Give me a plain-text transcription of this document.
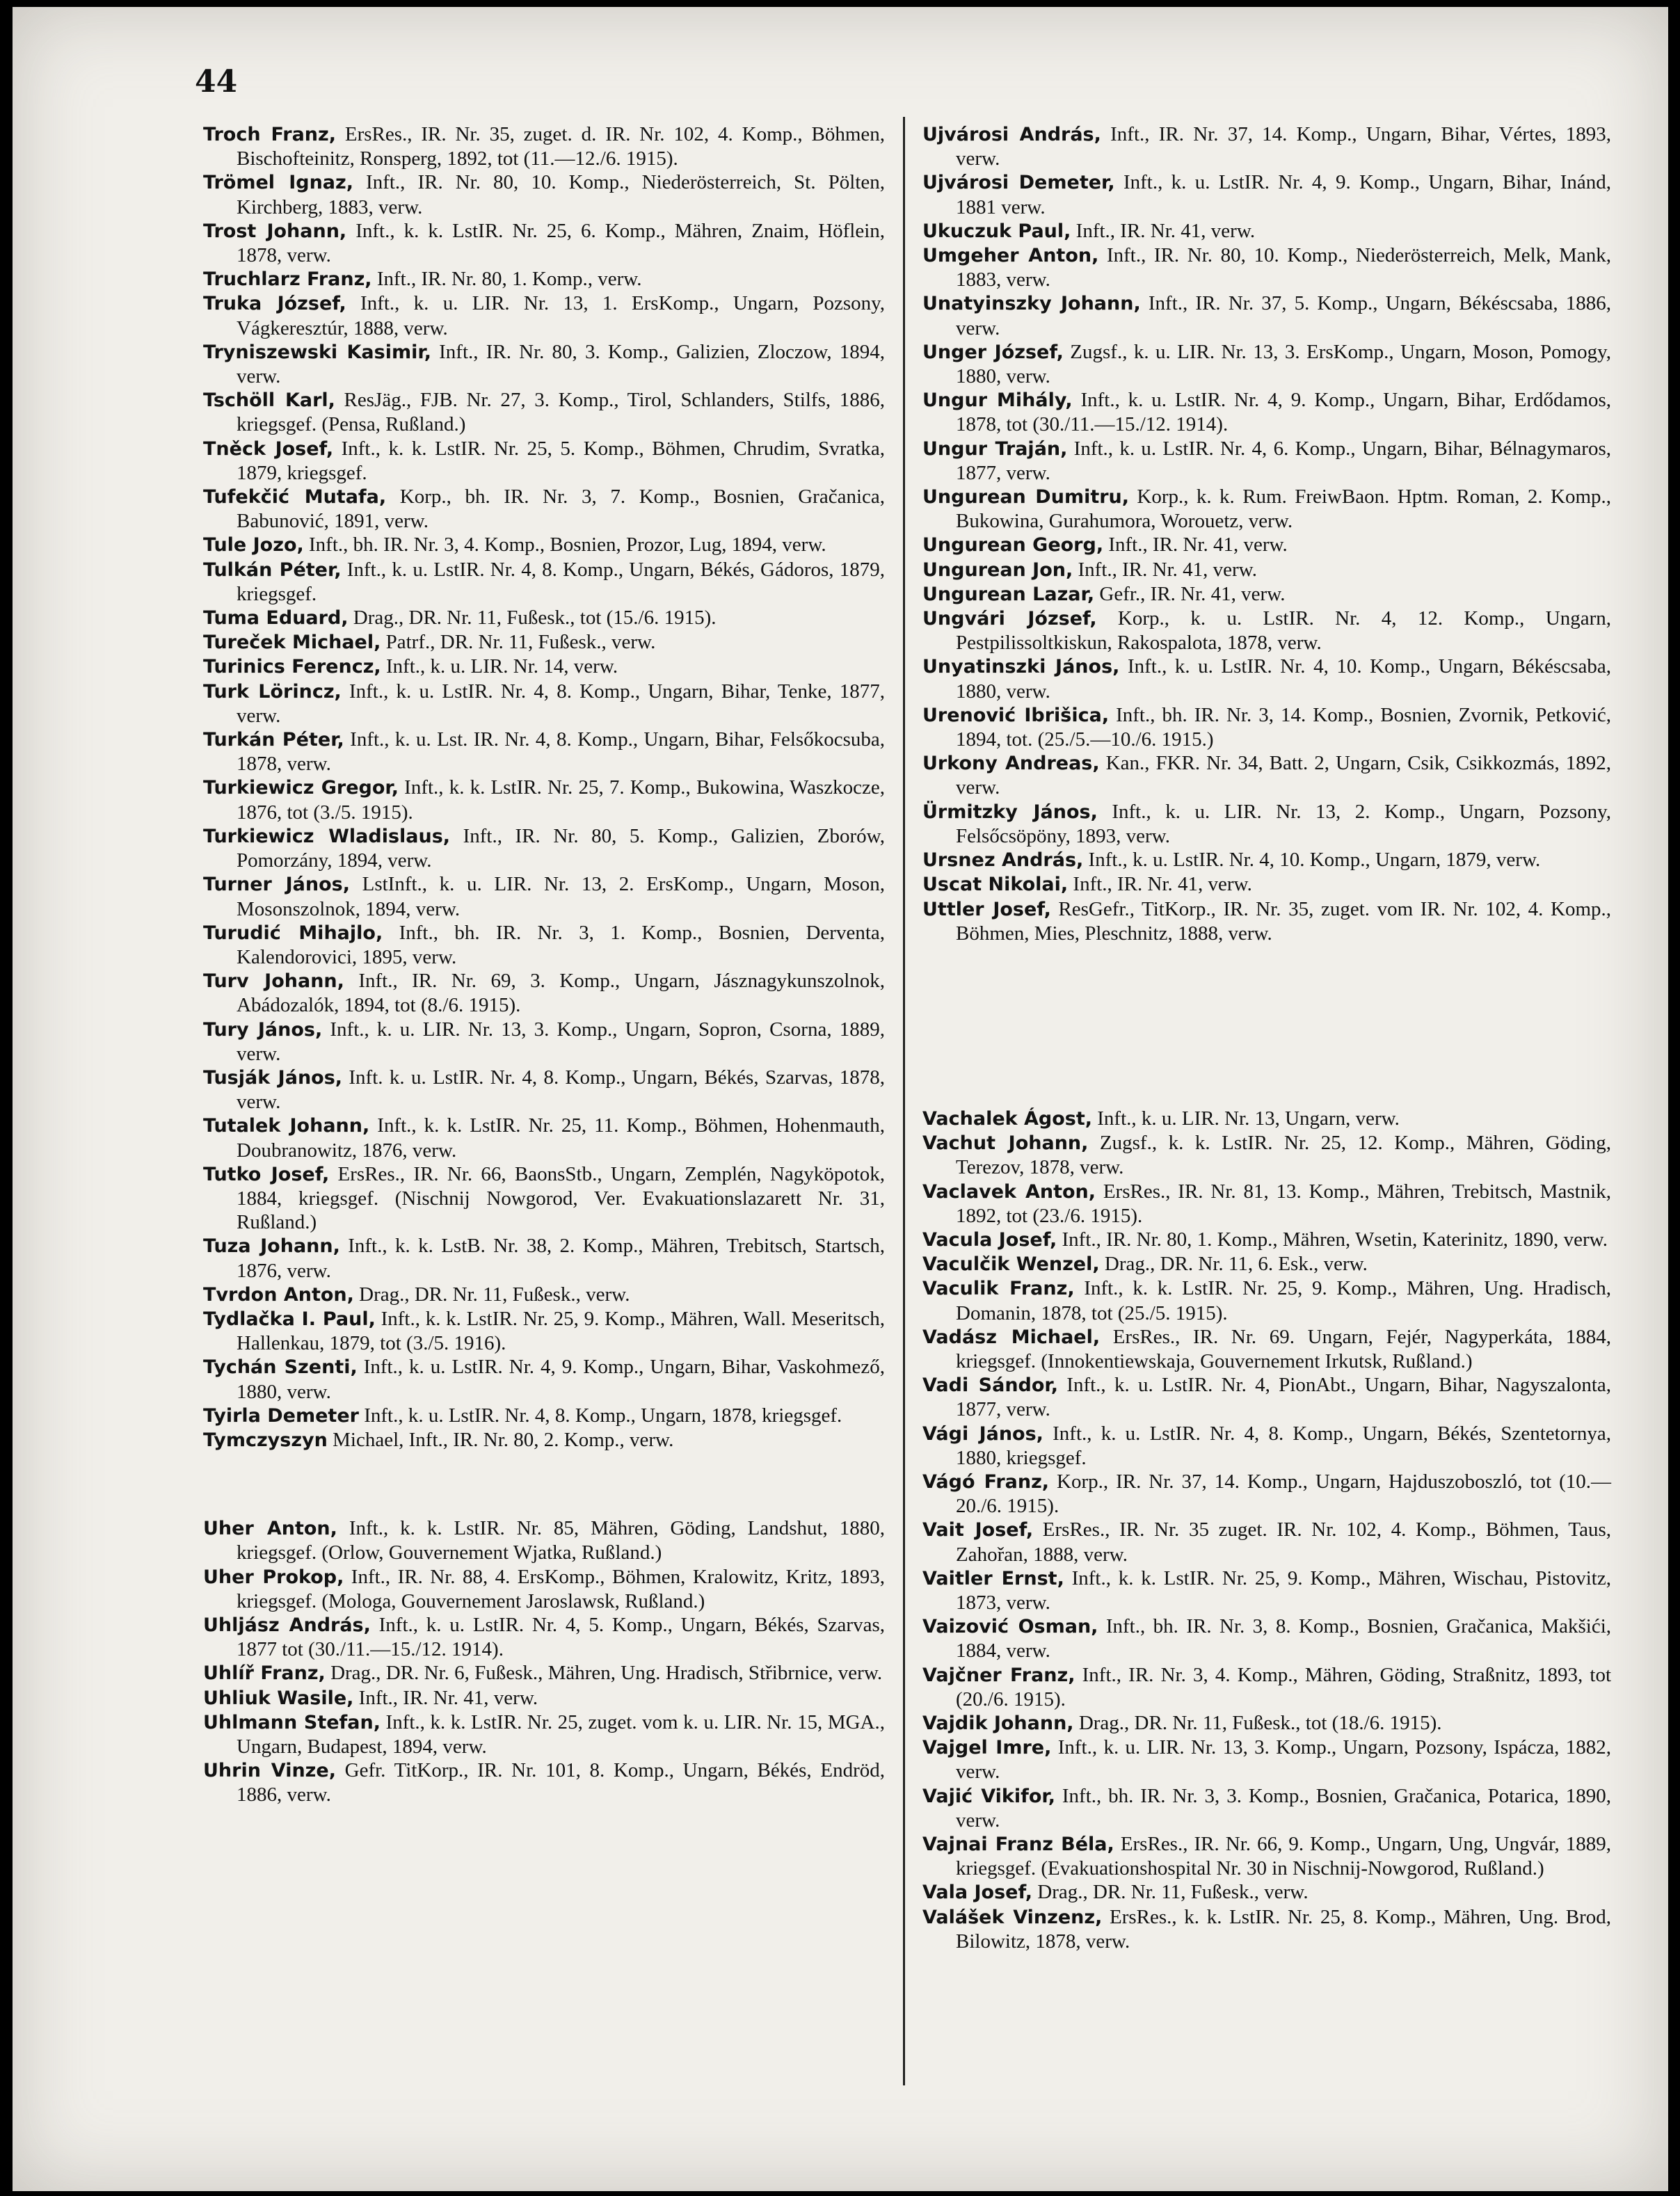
44

Troch Franz, ErsRes., IR. Nr. 35, zuget. d. IR. Nr. 102, 4. Komp., Böhmen, Bischofteinitz, Ronsperg, 1892, tot (11.—12./6. 1915).

Trömel Ignaz, Inft., IR. Nr. 80, 10. Komp., Niederösterreich, St. Pölten, Kirchberg, 1883, verw.

Trost Johann, Inft., k. k. LstIR. Nr. 25, 6. Komp., Mähren, Znaim, Höflein, 1878, verw.

Truchlarz Franz, Inft., IR. Nr. 80, 1. Komp., verw.

Truka József, Inft., k. u. LIR. Nr. 13, 1. ErsKomp., Ungarn, Pozsony, Vágkeresztúr, 1888, verw.

Tryniszewski Kasimir, Inft., IR. Nr. 80, 3. Komp., Galizien, Zloczow, 1894, verw.

Tschöll Karl, ResJäg., FJB. Nr. 27, 3. Komp., Tirol, Schlanders, Stilfs, 1886, kriegsgef. (Pensa, Rußland.)

Tněck Josef, Inft., k. k. LstIR. Nr. 25, 5. Komp., Böhmen, Chrudim, Svratka, 1879, kriegsgef.

Tufekčić Mutafa, Korp., bh. IR. Nr. 3, 7. Komp., Bosnien, Gračanica, Babunović, 1891, verw.

Tule Jozo, Inft., bh. IR. Nr. 3, 4. Komp., Bosnien, Prozor, Lug, 1894, verw.

Tulkán Péter, Inft., k. u. LstIR. Nr. 4, 8. Komp., Ungarn, Békés, Gádoros, 1879, kriegsgef.

Tuma Eduard, Drag., DR. Nr. 11, Fußesk., tot (15./6. 1915).

Tureček Michael, Patrf., DR. Nr. 11, Fußesk., verw.

Turinics Ferencz, Inft., k. u. LIR. Nr. 14, verw.

Turk Lörincz, Inft., k. u. LstIR. Nr. 4, 8. Komp., Ungarn, Bihar, Tenke, 1877, verw.

Turkán Péter, Inft., k. u. Lst. IR. Nr. 4, 8. Komp., Ungarn, Bihar, Felsőkocsuba, 1878, verw.

Turkiewicz Gregor, Inft., k. k. LstIR. Nr. 25, 7. Komp., Bukowina, Waszkocze, 1876, tot (3./5. 1915).

Turkiewicz Wladislaus, Inft., IR. Nr. 80, 5. Komp., Galizien, Zborów, Pomorzány, 1894, verw.

Turner János, LstInft., k. u. LIR. Nr. 13, 2. ErsKomp., Ungarn, Moson, Mosonszolnok, 1894, verw.

Turudić Mihajlo, Inft., bh. IR. Nr. 3, 1. Komp., Bosnien, Derventa, Kalendorovici, 1895, verw.

Turv Johann, Inft., IR. Nr. 69, 3. Komp., Ungarn, Jásznagykunszolnok, Abádozalók, 1894, tot (8./6. 1915).

Tury János, Inft., k. u. LIR. Nr. 13, 3. Komp., Ungarn, Sopron, Csorna, 1889, verw.

Tusják János, Inft. k. u. LstIR. Nr. 4, 8. Komp., Ungarn, Békés, Szarvas, 1878, verw.

Tutalek Johann, Inft., k. k. LstIR. Nr. 25, 11. Komp., Böhmen, Hohenmauth, Doubranowitz, 1876, verw.

Tutko Josef, ErsRes., IR. Nr. 66, BaonsStb., Ungarn, Zemplén, Nagyköpotok, 1884, kriegsgef. (Nischnij Nowgorod, Ver. Evakuationslazarett Nr. 31, Rußland.)

Tuza Johann, Inft., k. k. LstB. Nr. 38, 2. Komp., Mähren, Trebitsch, Startsch, 1876, verw.

Tvrdon Anton, Drag., DR. Nr. 11, Fußesk., verw.

Tydlačka I. Paul, Inft., k. k. LstIR. Nr. 25, 9. Komp., Mähren, Wall. Meseritsch, Hallenkau, 1879, tot (3./5. 1916).

Tychán Szenti, Inft., k. u. LstIR. Nr. 4, 9. Komp., Ungarn, Bihar, Vaskohmező, 1880, verw.

Tyirla Demeter Inft., k. u. LstIR. Nr. 4, 8. Komp., Ungarn, 1878, kriegsgef.

Tymczyszyn Michael, Inft., IR. Nr. 80, 2. Komp., verw.

Uher Anton, Inft., k. k. LstIR. Nr. 85, Mähren, Göding, Landshut, 1880, kriegsgef. (Orlow, Gouvernement Wjatka, Rußland.)

Uher Prokop, Inft., IR. Nr. 88, 4. ErsKomp., Böhmen, Kralowitz, Kritz, 1893, kriegsgef. (Mologa, Gouvernement Jaroslawsk, Rußland.)

Uhljász András, Inft., k. u. LstIR. Nr. 4, 5. Komp., Ungarn, Békés, Szarvas, 1877 tot (30./11.—15./12. 1914).

Uhlíř Franz, Drag., DR. Nr. 6, Fußesk., Mähren, Ung. Hradisch, Střibrnice, verw.

Uhliuk Wasile, Inft., IR. Nr. 41, verw.

Uhlmann Stefan, Inft., k. k. LstIR. Nr. 25, zuget. vom k. u. LIR. Nr. 15, MGA., Ungarn, Budapest, 1894, verw.

Uhrin Vinze, Gefr. TitKorp., IR. Nr. 101, 8. Komp., Ungarn, Békés, Endröd, 1886, verw.

Ujvárosi András, Inft., IR. Nr. 37, 14. Komp., Ungarn, Bihar, Vértes, 1893, verw.

Ujvárosi Demeter, Inft., k. u. LstIR. Nr. 4, 9. Komp., Ungarn, Bihar, Inánd, 1881 verw.

Ukuczuk Paul, Inft., IR. Nr. 41, verw.

Umgeher Anton, Inft., IR. Nr. 80, 10. Komp., Niederösterreich, Melk, Mank, 1883, verw.

Unatyinszky Johann, Inft., IR. Nr. 37, 5. Komp., Ungarn, Békéscsaba, 1886, verw.

Unger József, Zugsf., k. u. LIR. Nr. 13, 3. ErsKomp., Ungarn, Moson, Pomogy, 1880, verw.

Ungur Mihály, Inft., k. u. LstIR. Nr. 4, 9. Komp., Ungarn, Bihar, Erdődamos, 1878, tot (30./11.—15./12. 1914).

Ungur Traján, Inft., k. u. LstIR. Nr. 4, 6. Komp., Ungarn, Bihar, Bélnagymaros, 1877, verw.

Ungurean Dumitru, Korp., k. k. Rum. FreiwBaon. Hptm. Roman, 2. Komp., Bukowina, Gurahumora, Worouetz, verw.

Ungurean Georg, Inft., IR. Nr. 41, verw.

Ungurean Jon, Inft., IR. Nr. 41, verw.

Ungurean Lazar, Gefr., IR. Nr. 41, verw.

Ungvári József, Korp., k. u. LstIR. Nr. 4, 12. Komp., Ungarn, Pestpilissoltkiskun, Rakospalota, 1878, verw.

Unyatinszki János, Inft., k. u. LstIR. Nr. 4, 10. Komp., Ungarn, Békéscsaba, 1880, verw.

Urenović Ibrišica, Inft., bh. IR. Nr. 3, 14. Komp., Bosnien, Zvornik, Petković, 1894, tot. (25./5.—10./6. 1915.)

Urkony Andreas, Kan., FKR. Nr. 34, Batt. 2, Ungarn, Csik, Csikkozmás, 1892, verw.

Ürmitzky János, Inft., k. u. LIR. Nr. 13, 2. Komp., Ungarn, Pozsony, Felsőcsöpöny, 1893, verw.

Ursnez András, Inft., k. u. LstIR. Nr. 4, 10. Komp., Ungarn, 1879, verw.

Uscat Nikolai, Inft., IR. Nr. 41, verw.

Uttler Josef, ResGefr., TitKorp., IR. Nr. 35, zuget. vom IR. Nr. 102, 4. Komp., Böhmen, Mies, Pleschnitz, 1888, verw.

Vachalek Ágost, Inft., k. u. LIR. Nr. 13, Ungarn, verw.

Vachut Johann, Zugsf., k. k. LstIR. Nr. 25, 12. Komp., Mähren, Göding, Terezov, 1878, verw.

Vaclavek Anton, ErsRes., IR. Nr. 81, 13. Komp., Mähren, Trebitsch, Mastnik, 1892, tot (23./6. 1915).

Vacula Josef, Inft., IR. Nr. 80, 1. Komp., Mähren, Wsetin, Katerinitz, 1890, verw.

Vaculčik Wenzel, Drag., DR. Nr. 11, 6. Esk., verw.

Vaculik Franz, Inft., k. k. LstIR. Nr. 25, 9. Komp., Mähren, Ung. Hradisch, Domanin, 1878, tot (25./5. 1915).

Vadász Michael, ErsRes., IR. Nr. 69. Ungarn, Fejér, Nagyperkáta, 1884, kriegsgef. (Innokentiewskaja, Gouvernement Irkutsk, Rußland.)

Vadi Sándor, Inft., k. u. LstIR. Nr. 4, PionAbt., Ungarn, Bihar, Nagyszalonta, 1877, verw.

Vági János, Inft., k. u. LstIR. Nr. 4, 8. Komp., Ungarn, Békés, Szentetornya, 1880, kriegsgef.

Vágó Franz, Korp., IR. Nr. 37, 14. Komp., Ungarn, Hajduszoboszló, tot (10.—20./6. 1915).

Vait Josef, ErsRes., IR. Nr. 35 zuget. IR. Nr. 102, 4. Komp., Böhmen, Taus, Zahořan, 1888, verw.

Vaitler Ernst, Inft., k. k. LstIR. Nr. 25, 9. Komp., Mähren, Wischau, Pistovitz, 1873, verw.

Vaizović Osman, Inft., bh. IR. Nr. 3, 8. Komp., Bosnien, Gračanica, Makšići, 1884, verw.

Vajčner Franz, Inft., IR. Nr. 3, 4. Komp., Mähren, Göding, Straßnitz, 1893, tot (20./6. 1915).

Vajdik Johann, Drag., DR. Nr. 11, Fußesk., tot (18./6. 1915).

Vajgel Imre, Inft., k. u. LIR. Nr. 13, 3. Komp., Ungarn, Pozsony, Ispácza, 1882, verw.

Vajić Vikifor, Inft., bh. IR. Nr. 3, 3. Komp., Bosnien, Gračanica, Potarica, 1890, verw.

Vajnai Franz Béla, ErsRes., IR. Nr. 66, 9. Komp., Ungarn, Ung, Ungvár, 1889, kriegsgef. (Evakuationshospital Nr. 30 in Nischnij-Nowgorod, Rußland.)

Vala Josef, Drag., DR. Nr. 11, Fußesk., verw.

Valášek Vinzenz, ErsRes., k. k. LstIR. Nr. 25, 8. Komp., Mähren, Ung. Brod, Bilowitz, 1878, verw.
